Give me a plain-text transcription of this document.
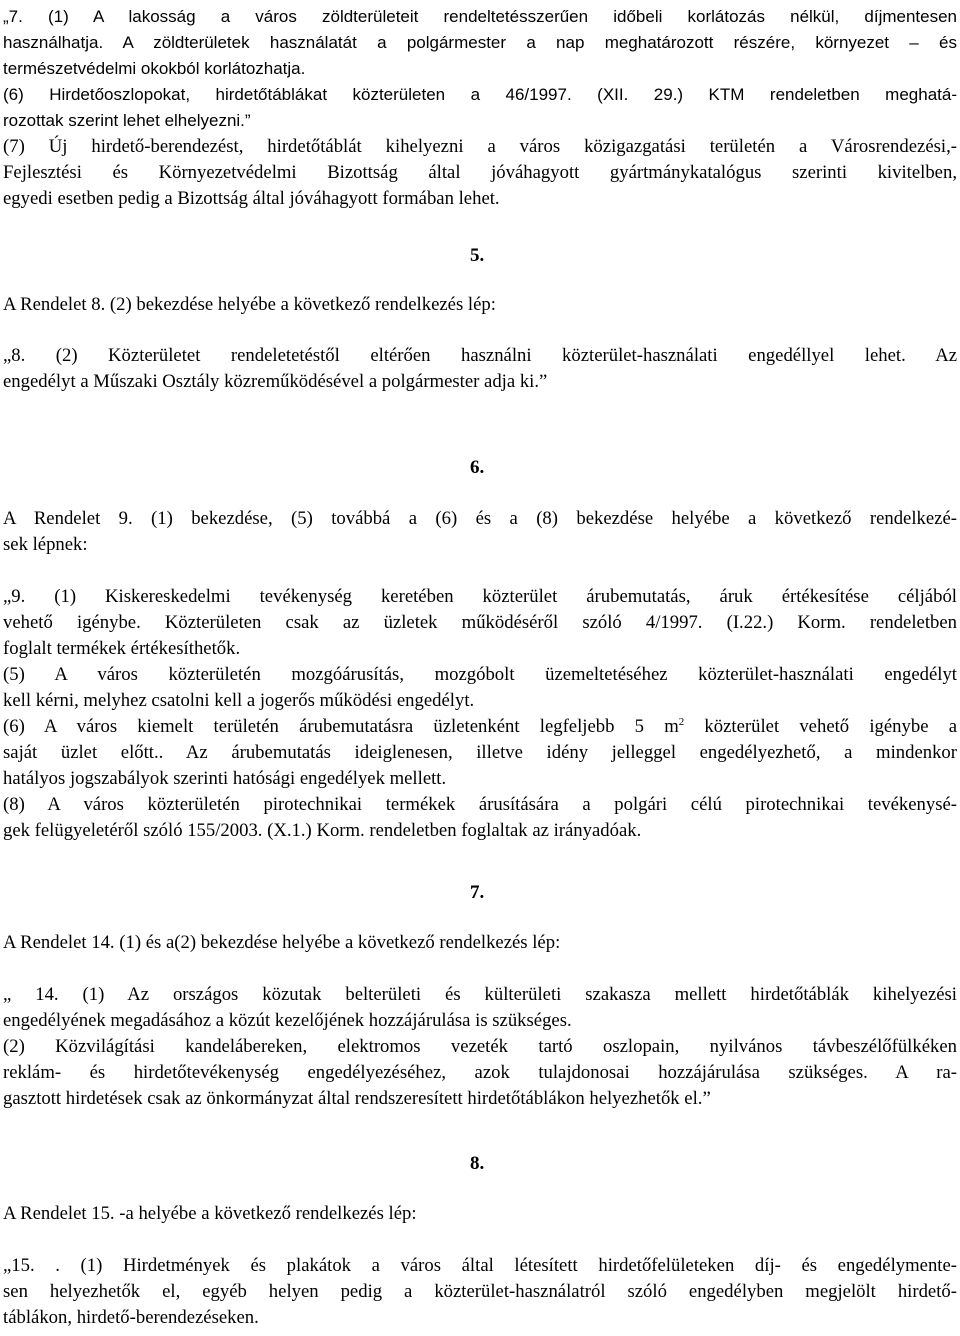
„7. (1) A lakosság a város zöldterületeit rendeltetésszerűen időbeli korlátozás nélkül, díjmentesen
használhatja. A zöldterületek használatát a polgármester a nap meghatározott részére, környezet – és
természetvédelmi okokból korlátozhatja.
(6) Hirdetőoszlopokat, hirdetőtáblákat közterületen a 46/1997. (XII. 29.) KTM rendeletben meghatá-
rozottak szerint lehet elhelyezni.”
(7) Új hirdető-berendezést, hirdetőtáblát kihelyezni a város közigazgatási területén a Városrendezési,-
Fejlesztési és Környezetvédelmi Bizottság által jóváhagyott gyártmánykatalógus szerinti kivitelben,
egyedi esetben pedig a Bizottság által jóváhagyott formában lehet.
5.
A Rendelet 8. (2) bekezdése helyébe a következő rendelkezés lép:
„8. (2) Közterületet rendeletetéstől eltérően használni közterület-használati engedéllyel lehet. Az
engedélyt a Műszaki Osztály közreműködésével a polgármester adja ki.”
6.
A Rendelet 9. (1) bekezdése, (5) továbbá a (6) és a (8) bekezdése helyébe a következő rendelkezé-
sek lépnek:
„9. (1) Kiskereskedelmi tevékenység keretében közterület árubemutatás, áruk értékesítése céljából
vehető igénybe. Közterületen csak az üzletek működéséről szóló 4/1997. (I.22.) Korm. rendeletben
foglalt termékek értékesíthetők.
(5) A város közterületén mozgóárusítás, mozgóbolt üzemeltetéséhez közterület-használati engedélyt
kell kérni, melyhez csatolni kell a jogerős működési engedélyt.
(6) A város kiemelt területén árubemutatásra üzletenként legfeljebb 5 $m^2$ közterület vehető igénybe a
saját üzlet előtt.. Az árubemutatás ideiglenesen, illetve idény jelleggel engedélyezhető, a mindenkor
hatályos jogszabályok szerinti hatósági engedélyek mellett.
(8) A város közterületén pirotechnikai termékek árusítására a polgári célú pirotechnikai tevékenysé-
gek felügyeletéről szóló 155/2003. (X.1.) Korm. rendeletben foglaltak az irányadóak.
7.
A Rendelet 14. (1) és a(2) bekezdése helyébe a következő rendelkezés lép:
„ 14. (1) Az országos közutak belterületi és külterületi szakasza mellett hirdetőtáblák kihelyezési
engedélyének megadásához a közút kezelőjének hozzájárulása is szükséges.
(2) Közvilágítási kandelábereken, elektromos vezeték tartó oszlopain, nyilvános távbeszélőfülkéken
reklám- és hirdetőtevékenység engedélyezéséhez, azok tulajdonosai hozzájárulása szükséges. A ra-
gasztott hirdetések csak az önkormányzat által rendszeresített hirdetőtáblákon helyezhetők el.”
8.
A Rendelet 15. -a helyébe a következő rendelkezés lép:
„15. . (1) Hirdetmények és plakátok a város által létesített hirdetőfelületeken díj- és engedélymente-
sen helyezhetők el, egyéb helyen pedig a közterület-használatról szóló engedélyben megjelölt hirdető-
táblákon, hirdető-berendezéseken.
